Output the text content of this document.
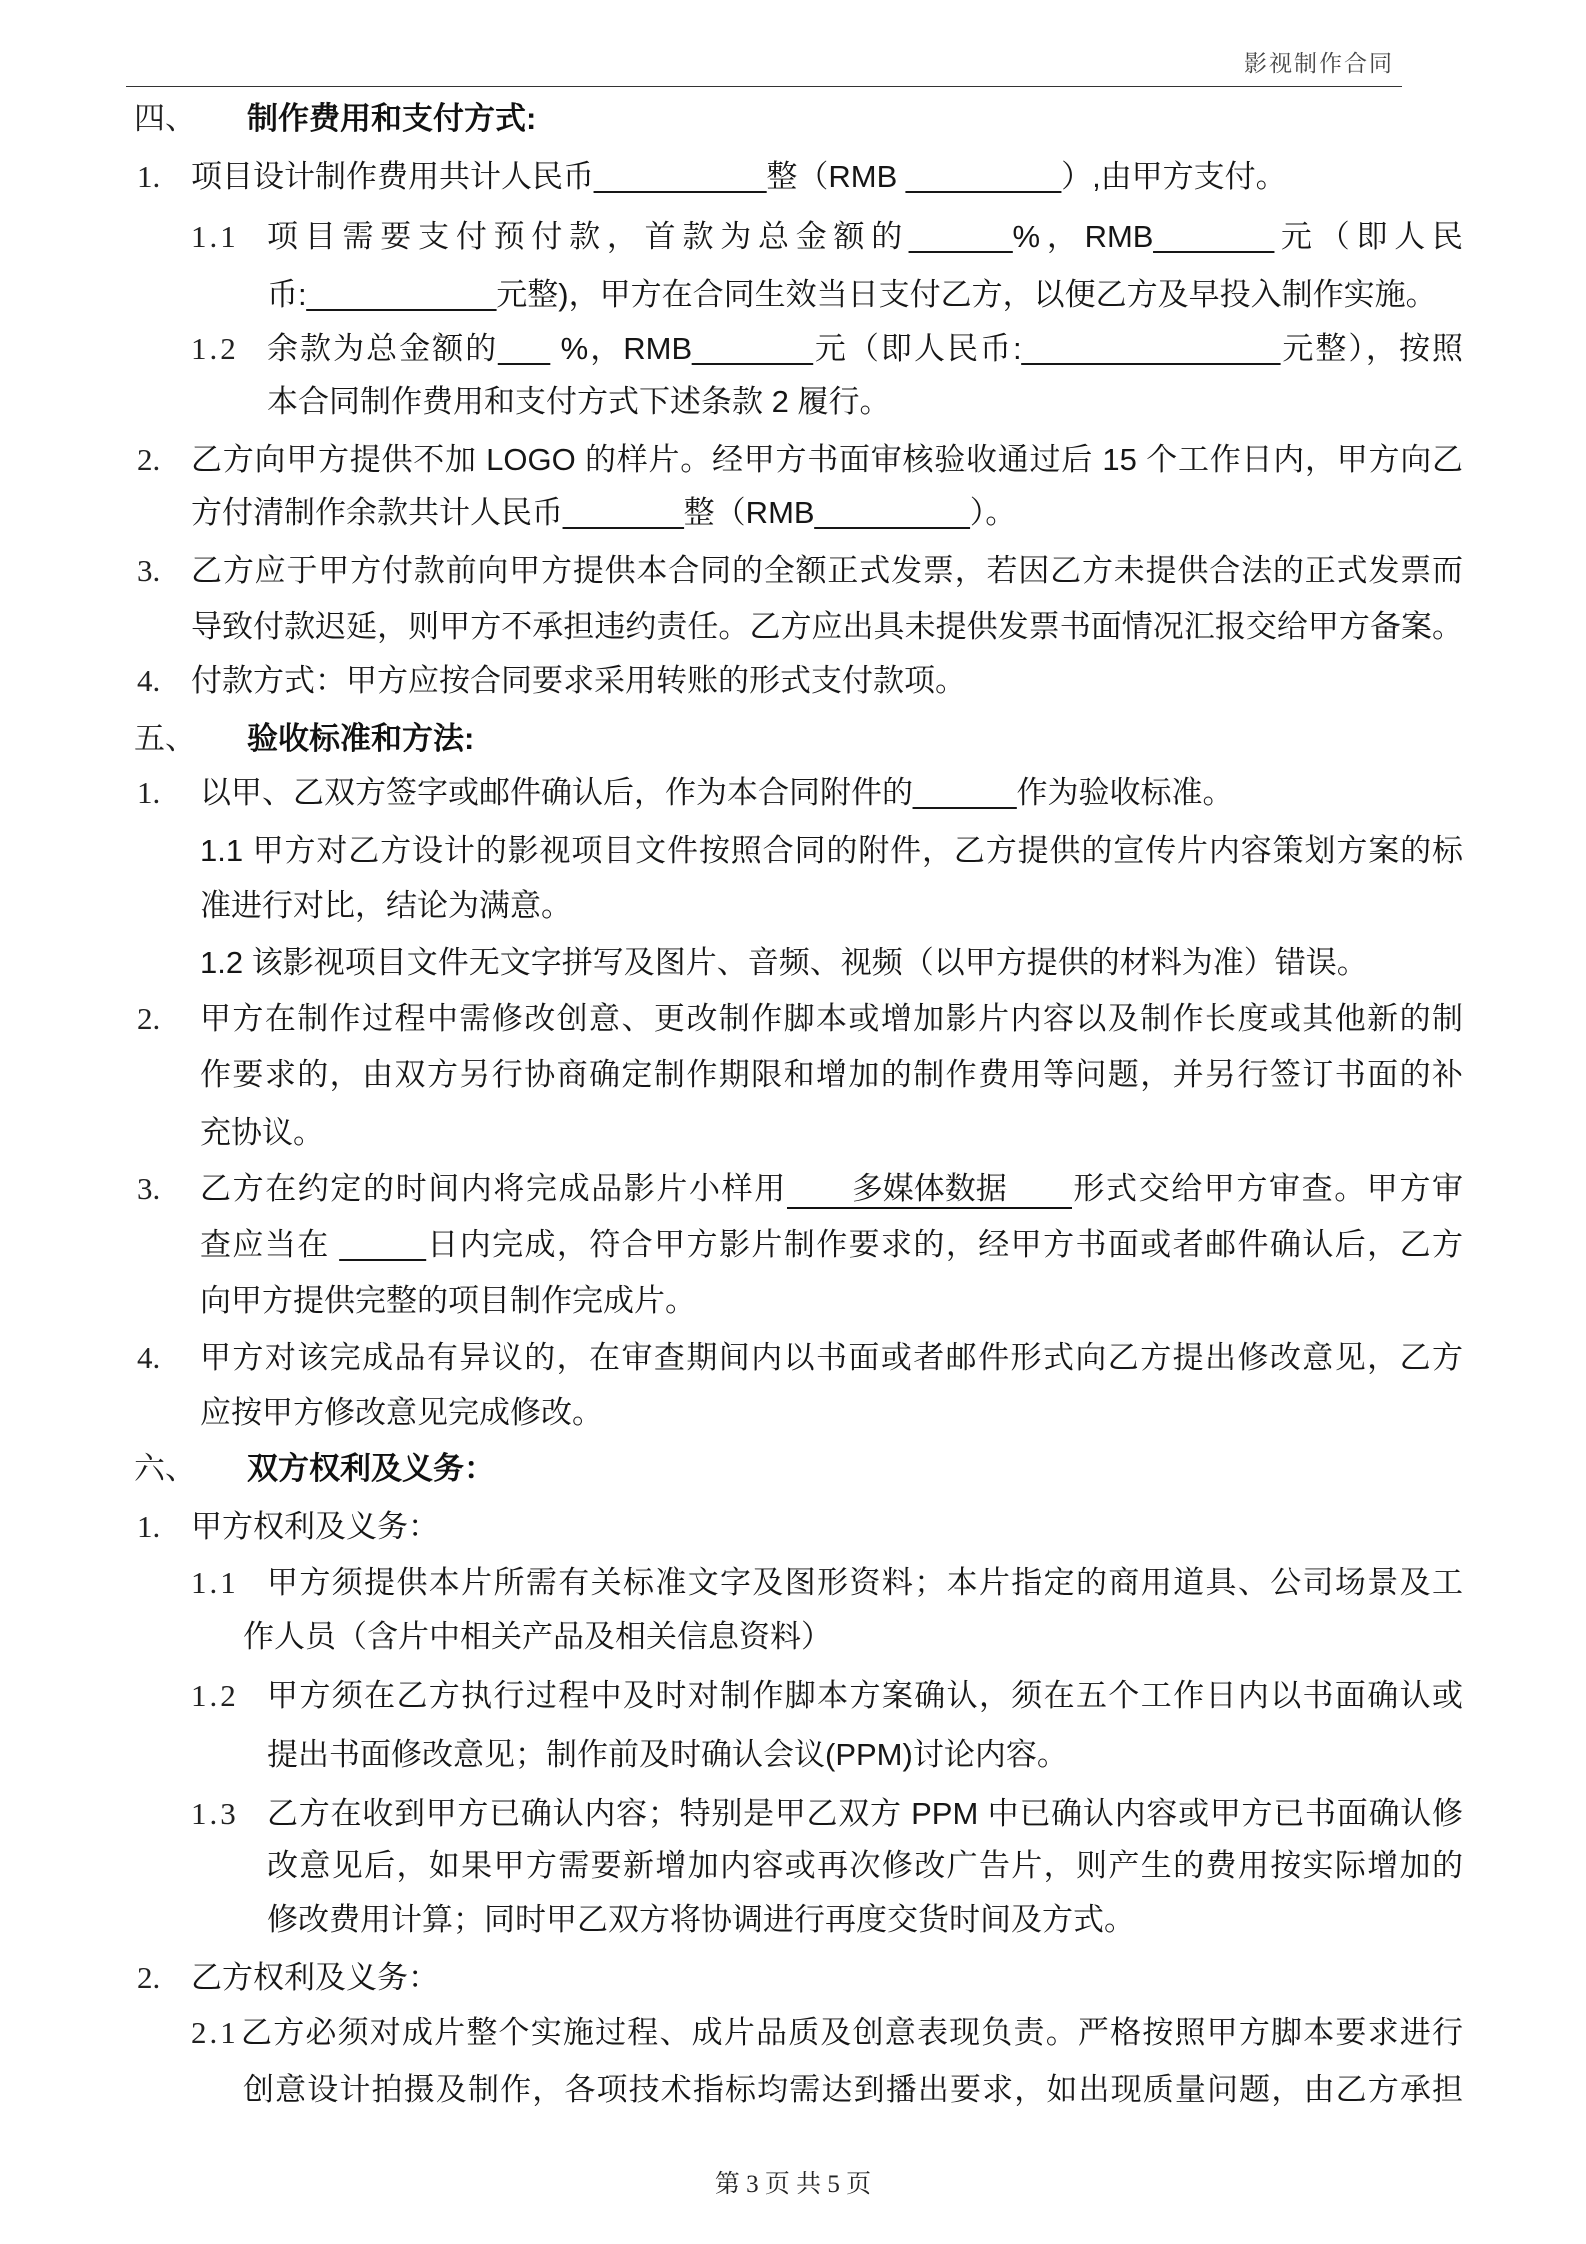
影视制作合同
四、 制作费用和支付方式:
1. 项目设计制作费用共计人民币__________整（RMB _________）,由甲方支付。
1.1 项目需要支付预付款，首款为总金额的______%，RMB_______元（即人民
币:___________元整)，甲方在合同生效当日支付乙方，以便乙方及早投入制作实施。
1.2 余款为总金额的___ %，RMB_______元（即人民币:_______________元整），按照
本合同制作费用和支付方式下述条款 2 履行。
2. 乙方向甲方提供不加 LOGO 的样片。经甲方书面审核验收通过后 15 个工作日内，甲方向乙
方付清制作余款共计人民币_______整（RMB_________）。
3. 乙方应于甲方付款前向甲方提供本合同的全额正式发票，若因乙方未提供合法的正式发票而
导致付款迟延，则甲方不承担违约责任。乙方应出具未提供发票书面情况汇报交给甲方备案。
4. 付款方式：甲方应按合同要求采用转账的形式支付款项。
五、 验收标准和方法:
1. 以甲、乙双方签字或邮件确认后，作为本合同附件的______作为验收标准。
1.1 甲方对乙方设计的影视项目文件按照合同的附件，乙方提供的宣传片内容策划方案的标
准进行对比，结论为满意。
1.2 该影视项目文件无文字拼写及图片、音频、视频（以甲方提供的材料为准）错误。
2. 甲方在制作过程中需修改创意、更改制作脚本或增加影片内容以及制作长度或其他新的制
作要求的，由双方另行协商确定制作期限和增加的制作费用等问题，并另行签订书面的补
充协议。
3. 乙方在约定的时间内将完成品影片小样用 多媒体数据 形式交给甲方审查。甲方审
查应当在 _____日内完成，符合甲方影片制作要求的，经甲方书面或者邮件确认后，乙方
向甲方提供完整的项目制作完成片。
4. 甲方对该完成品有异议的，在审查期间内以书面或者邮件形式向乙方提出修改意见，乙方
应按甲方修改意见完成修改。
六、 双方权利及义务：
1. 甲方权利及义务：
1.1 甲方须提供本片所需有关标准文字及图形资料；本片指定的商用道具、公司场景及工
作人员（含片中相关产品及相关信息资料）
1.2 甲方须在乙方执行过程中及时对制作脚本方案确认，须在五个工作日内以书面确认或
提出书面修改意见；制作前及时确认会议(PPM)讨论内容。
1.3 乙方在收到甲方已确认内容；特别是甲乙双方 PPM 中已确认内容或甲方已书面确认修
改意见后，如果甲方需要新增加内容或再次修改广告片，则产生的费用按实际增加的
修改费用计算；同时甲乙双方将协调进行再度交货时间及方式。
2. 乙方权利及义务：
2.1 乙方必须对成片整个实施过程、成片品质及创意表现负责。严格按照甲方脚本要求进行
创意设计拍摄及制作，各项技术指标均需达到播出要求，如出现质量问题，由乙方承担
第 3 页 共 5 页
